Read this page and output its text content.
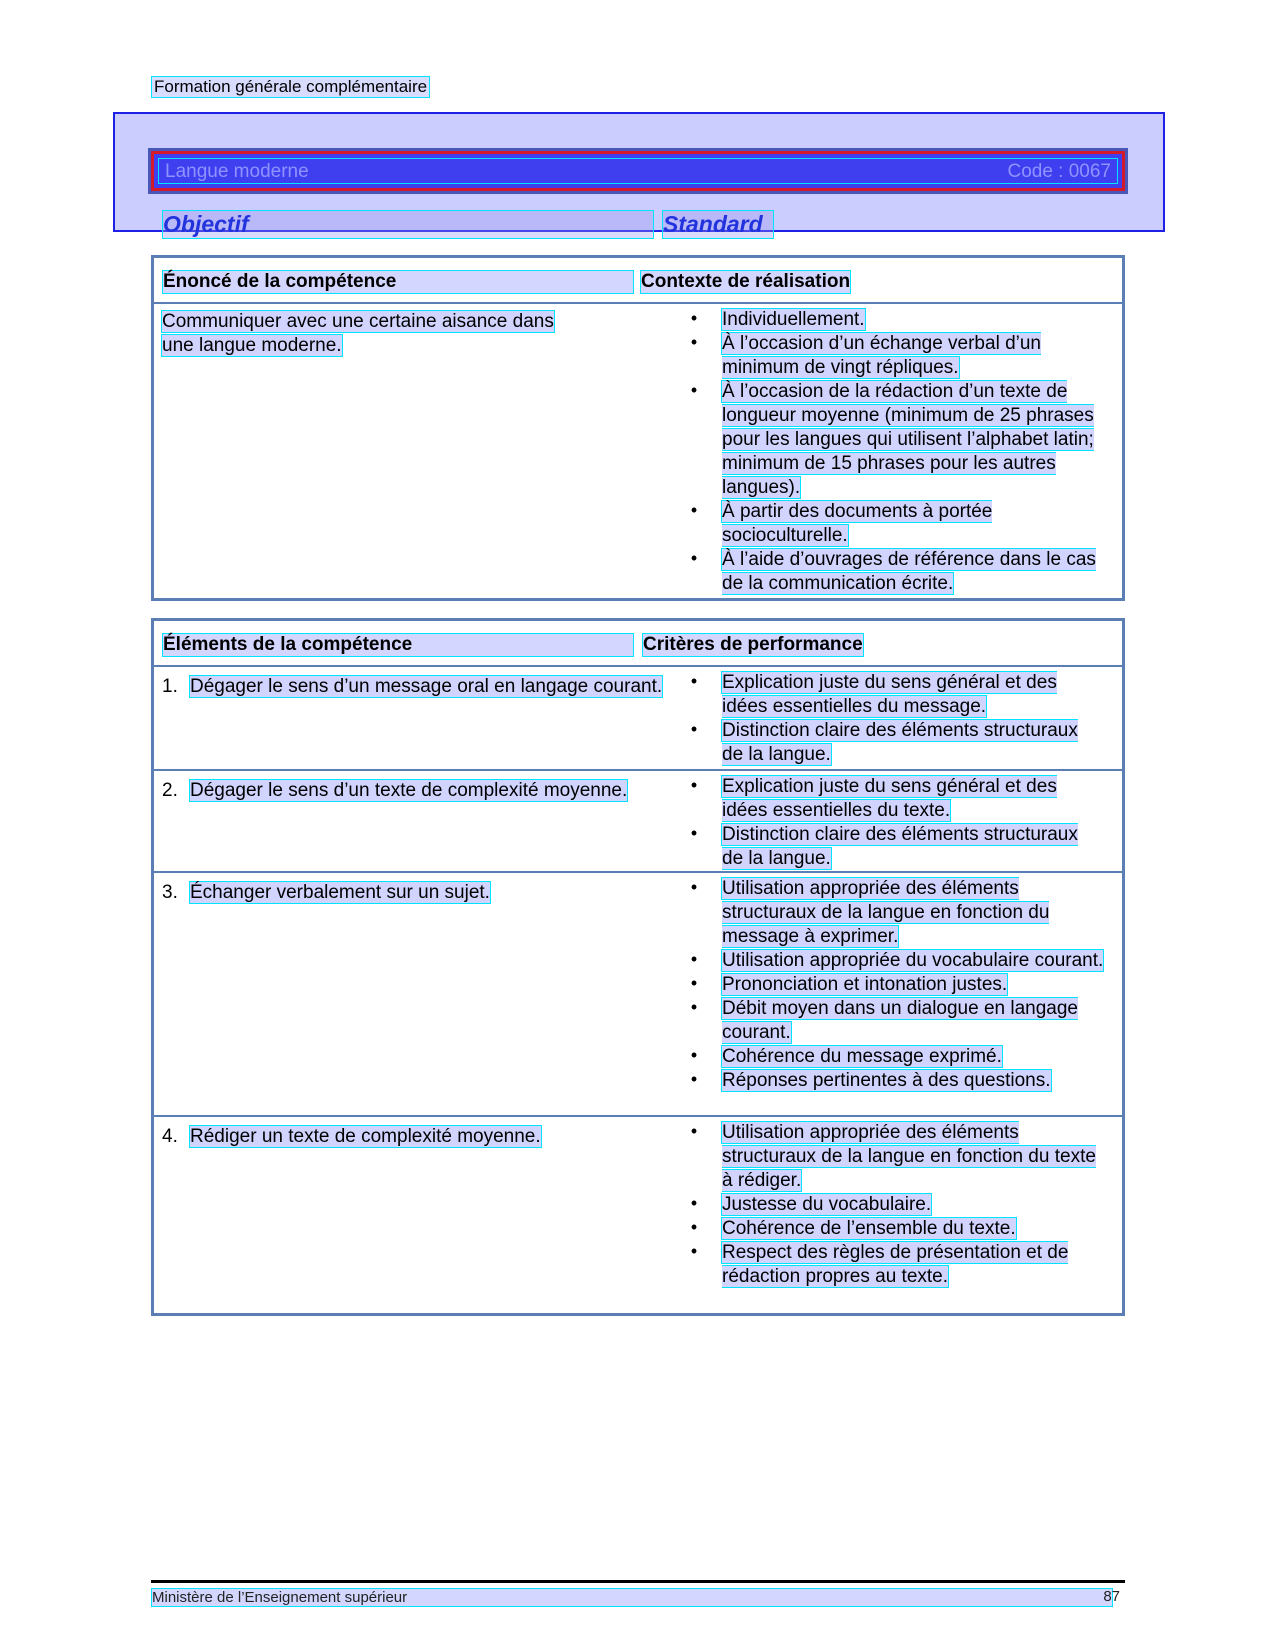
Formation générale complémentaire
Langue moderne	Code : 0067
Objectif	Standard
Énoncé de la compétence	Contexte de réalisation
Communiquer avec une certaine aisance dans
une langue moderne.
•	Individuellement.
•	À l’occasion d’un échange verbal d’un minimum de vingt répliques.
•	À l’occasion de la rédaction d’un texte de longueur moyenne (minimum de 25 phrases pour les langues qui utilisent l’alphabet latin; minimum de 15 phrases pour les autres langues).
•	À partir des documents à portée socioculturelle.
•	À l’aide d’ouvrages de référence dans le cas de la communication écrite.
Éléments de la compétence	Critères de performance
1. Dégager le sens d’un message oral en langage courant.	•	Explication juste du sens général et des idées essentielles du message.
•	Distinction claire des éléments structuraux de la langue.
2. Dégager le sens d’un texte de complexité moyenne.	•	Explication juste du sens général et des idées essentielles du texte.
•	Distinction claire des éléments structuraux de la langue.
3. Échanger verbalement sur un sujet.	•	Utilisation appropriée des éléments structuraux de la langue en fonction du message à exprimer.
•	Utilisation appropriée du vocabulaire courant.
•	Prononciation et intonation justes.
•	Débit moyen dans un dialogue en langage courant.
•	Cohérence du message exprimé.
•	Réponses pertinentes à des questions.
4. Rédiger un texte de complexité moyenne.	•	Utilisation appropriée des éléments structuraux de la langue en fonction du texte à rédiger.
•	Justesse du vocabulaire.
•	Cohérence de l’ensemble du texte.
•	Respect des règles de présentation et de rédaction propres au texte.
Ministère de l’Enseignement supérieur	87
